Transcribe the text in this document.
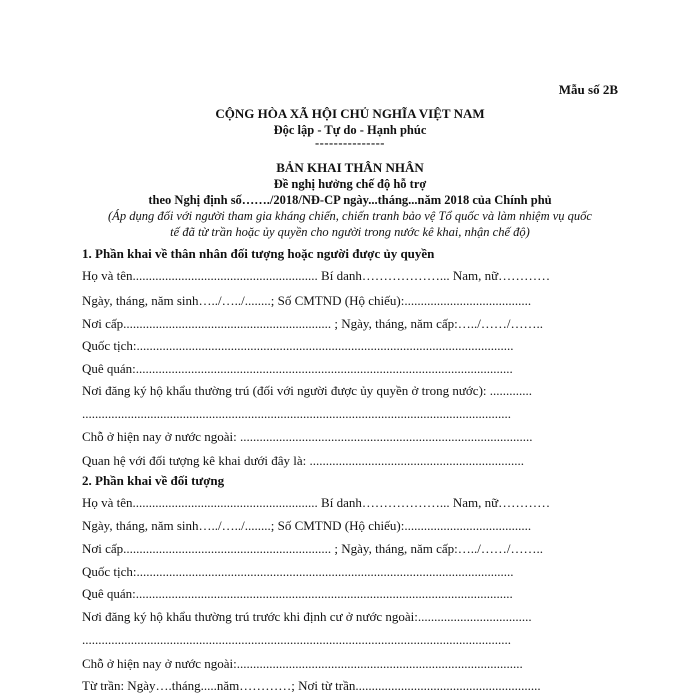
Mẫu số 2B
CỘNG HÒA XÃ HỘI CHỦ NGHĨA VIỆT NAM
Độc lập - Tự do - Hạnh phúc
---------------
BẢN KHAI THÂN NHÂN
Đề nghị hưởng chế độ hỗ trợ
theo Nghị định số……./2018/NĐ-CP ngày...tháng...năm 2018 của Chính phủ
(Áp dụng đối với người tham gia kháng chiến, chiến tranh bảo vệ Tổ quốc và làm nhiệm vụ quốc
tế đã từ trần hoặc ủy quyền cho người trong nước kê khai, nhận chế độ)
1. Phần khai về thân nhân đối tượng hoặc người được ủy quyền
Họ và tên......................................................... Bí danh………………... Nam, nữ…………
Ngày, tháng, năm sinh…../…../........; Số CMTND (Hộ chiếu):.......................................
Nơi cấp................................................................ ; Ngày, tháng, năm cấp:…../……/……..
Quốc tịch:....................................................................................................................
Quê quán:....................................................................................................................
Nơi đăng ký hộ khẩu thường trú (đối với người được ủy quyền ở trong nước): .............
....................................................................................................................................
Chỗ ở hiện nay ở nước ngoài: ..........................................................................................
Quan hệ với đối tượng kê khai dưới đây là: ..................................................................
2. Phần khai về đối tượng
Họ và tên......................................................... Bí danh………………... Nam, nữ…………
Ngày, tháng, năm sinh…../…../........; Số CMTND (Hộ chiếu):.......................................
Nơi cấp................................................................ ; Ngày, tháng, năm cấp:…../……/……..
Quốc tịch:....................................................................................................................
Quê quán:....................................................................................................................
Nơi đăng ký hộ khẩu thường trú trước khi định cư ở nước ngoài:...................................
....................................................................................................................................
Chỗ ở hiện nay ở nước ngoài:........................................................................................
Từ trần: Ngày….tháng.....năm…………; Nơi từ trần.........................................................
